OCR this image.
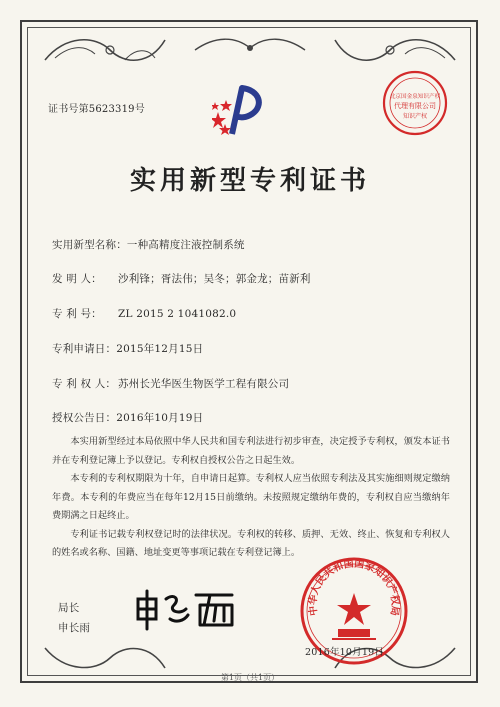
证书号第5623319号
北京国金泉知识产权
代理有限公司
知识产权
实用新型专利证书
实用新型名称：一种高精度注液控制系统
发 明 人： 沙利锋；胥法伟；吴冬；郭金龙；苗新利
专 利 号： ZL 2015 2 1041082.0
专利申请日：2015年12月15日
专 利 权 人： 苏州长光华医生物医学工程有限公司
授权公告日：2016年10月19日

本实用新型经过本局依照中华人民共和国专利法进行初步审查，决定授予专利权，颁发本证书并在专利登记簿上予以登记。专利权自授权公告之日起生效。

本专利的专利权期限为十年，自申请日起算。专利权人应当依照专利法及其实施细则规定缴纳年费。本专利的年费应当在每年12月15日前缴纳。未按照规定缴纳年费的，专利权自应当缴纳年费期满之日起终止。

专利证书记载专利权登记时的法律状况。专利权的转移、质押、无效、终止、恢复和专利权人的姓名或名称、国籍、地址变更等事项记载在专利登记簿上。

局长
申长雨
中华人民共和国国家知识产权局
2016年10月19日
第1页（共1页）
